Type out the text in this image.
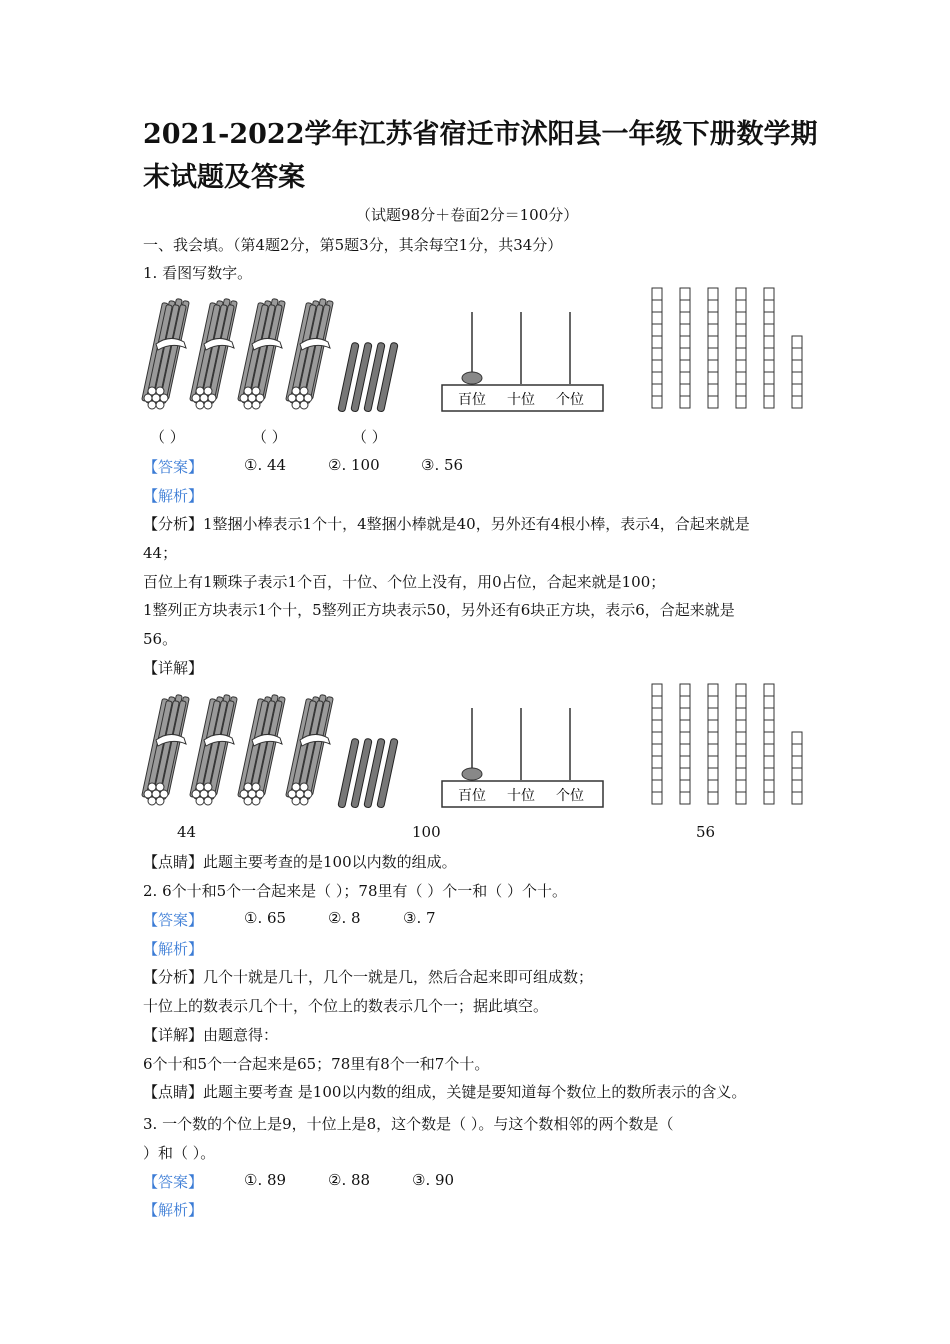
2021-2022学年江苏省宿迁市沭阳县一年级下册数学期末试题及答案
（试题98分＋卷面2分＝100分）
一、我会填。（第4题2分，第5题3分，其余每空1分，共34分）
1. 看图写数字。
百位 十位 个位
（ ）	（ ）	（ ）
【答案】	①. 44	②. 100	③. 56
【解析】
【分析】1整捆小棒表示1个十，4整捆小棒就是40，另外还有4根小棒，表示4，合起来就是
44；
百位上有1颗珠子表示1个百，十位、个位上没有，用0占位，合起来就是100；
1整列正方块表示1个十，5整列正方块表示50，另外还有6块正方块，表示6，合起来就是
56。
【详解】
百位 十位 个位
44	100	56
【点睛】此题主要考查的是100以内数的组成。
2. 6个十和5个一合起来是（ ）；78里有（ ）个一和（ ）个十。
【答案】	①. 65	②. 8	③. 7
【解析】
【分析】几个十就是几十，几个一就是几，然后合起来即可组成数；
十位上的数表示几个十，个位上的数表示几个一；据此填空。
【详解】由题意得：
6个十和5个一合起来是65；78里有8个一和7个十。
【点睛】此题主要考查 是100以内数的组成，关键是要知道每个数位上的数所表示的含义。
3. 一个数的个位上是9，十位上是8，这个数是（ ）。与这个数相邻的两个数是（
）和（ ）。
【答案】	①. 89	②. 88	③. 90
【解析】
